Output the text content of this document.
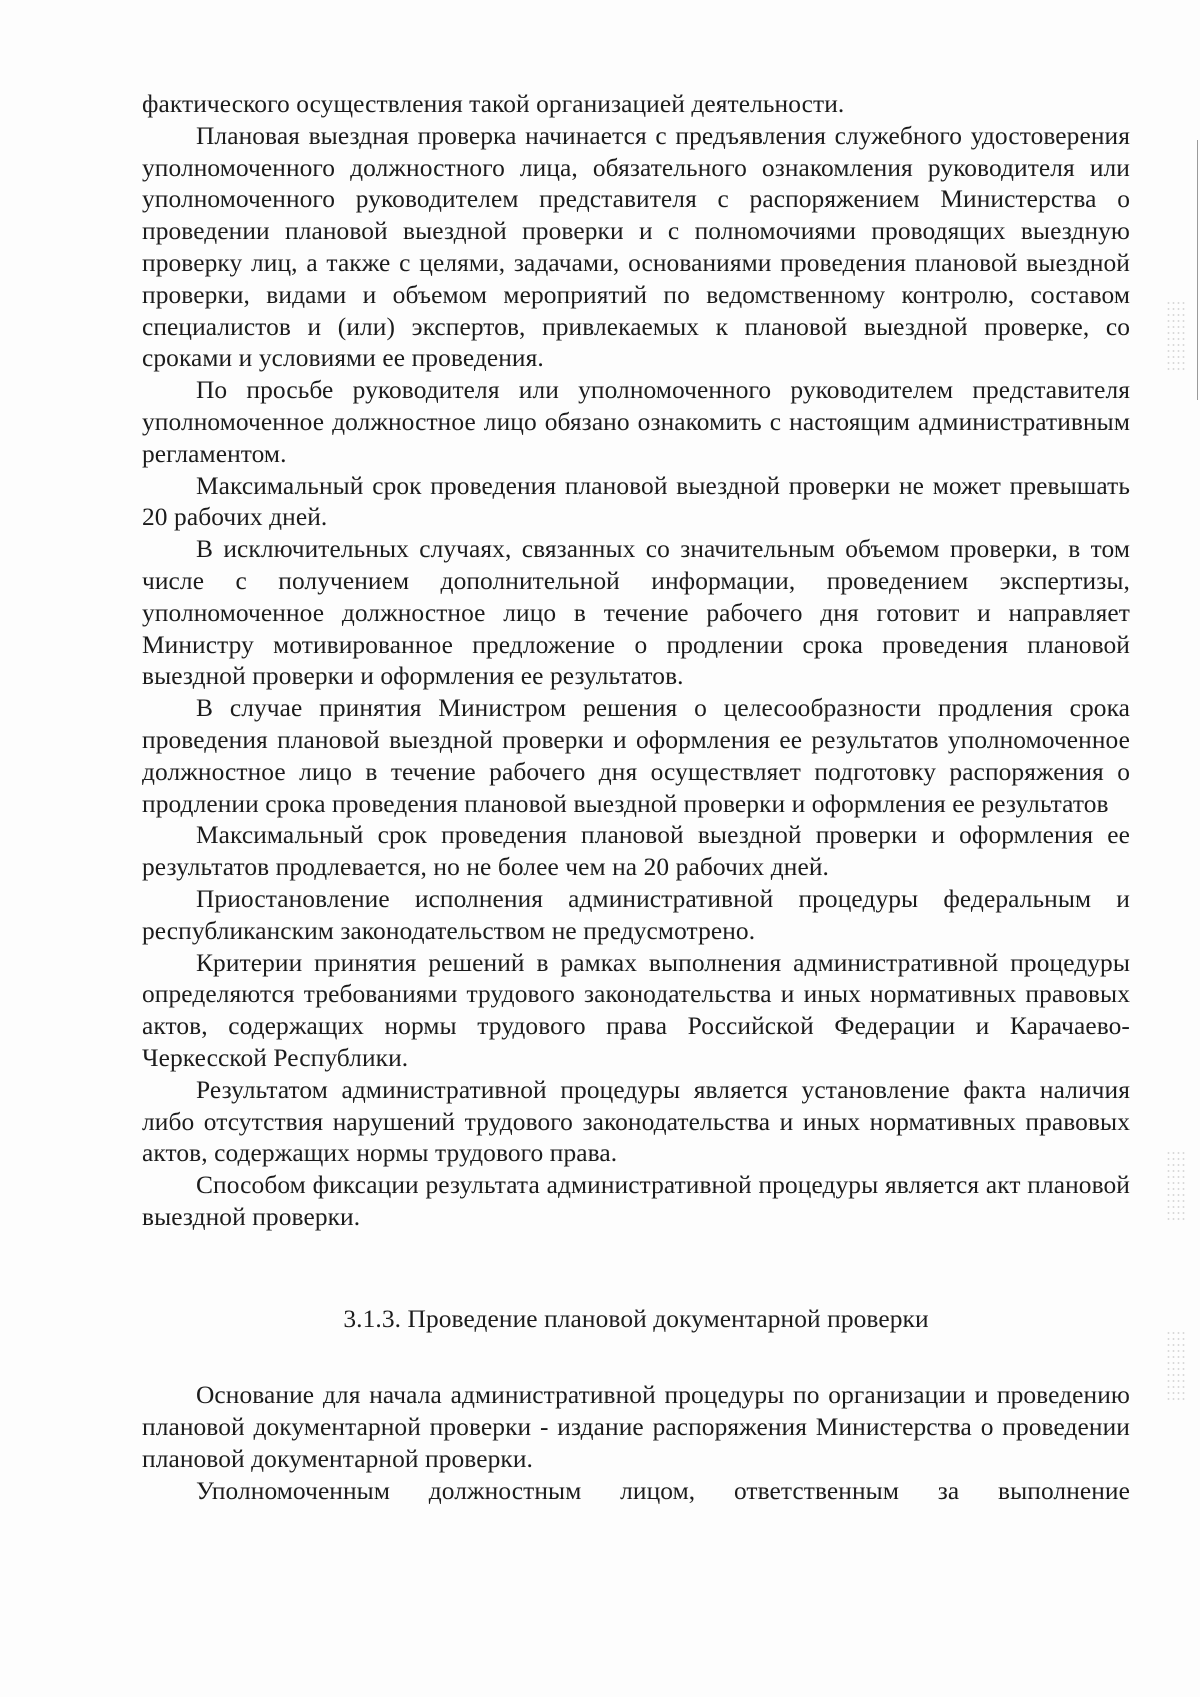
фактического осуществления такой организацией деятельности.

Плановая выездная проверка начинается с предъявления служебного удостоверения уполномоченного должностного лица, обязательного ознакомления руководителя или уполномоченного руководителем представителя с распоряжением Министерства о проведении плановой выездной проверки и с полномочиями проводящих выездную проверку лиц, а также с целями, задачами, основаниями проведения плановой выездной проверки, видами и объемом мероприятий по ведомственному контролю, составом специалистов и (или) экспертов, привлекаемых к плановой выездной проверке, со сроками и условиями ее проведения.

По просьбе руководителя или уполномоченного руководителем представителя уполномоченное должностное лицо обязано ознакомить с настоящим административным регламентом.

Максимальный срок проведения плановой выездной проверки не может превышать 20 рабочих дней.

В исключительных случаях, связанных со значительным объемом проверки, в том числе с получением дополнительной информации, проведением экспертизы, уполномоченное должностное лицо в течение рабочего дня готовит и направляет Министру мотивированное предложение о продлении срока проведения плановой выездной проверки и оформления ее результатов.

В случае принятия Министром решения о целесообразности продления срока проведения плановой выездной проверки и оформления ее результатов уполномоченное должностное лицо в течение рабочего дня осуществляет подготовку распоряжения о продлении срока проведения плановой выездной проверки и оформления ее результатов

Максимальный срок проведения плановой выездной проверки и оформления ее результатов продлевается, но не более чем на 20 рабочих дней.

Приостановление исполнения административной процедуры федеральным и республиканским законодательством не предусмотрено.

Критерии принятия решений в рамках выполнения административной процедуры определяются требованиями трудового законодательства и иных нормативных правовых актов, содержащих нормы трудового права Российской Федерации и Карачаево-Черкесской Республики.

Результатом административной процедуры является установление факта наличия либо отсутствия нарушений трудового законодательства и иных нормативных правовых актов, содержащих нормы трудового права.

Способом фиксации результата административной процедуры является акт плановой выездной проверки.

3.1.3. Проведение плановой документарной проверки

Основание для начала административной процедуры по организации и проведению плановой документарной проверки - издание распоряжения Министерства о проведении плановой документарной проверки.

Уполномоченным должностным лицом, ответственным за выполнение
